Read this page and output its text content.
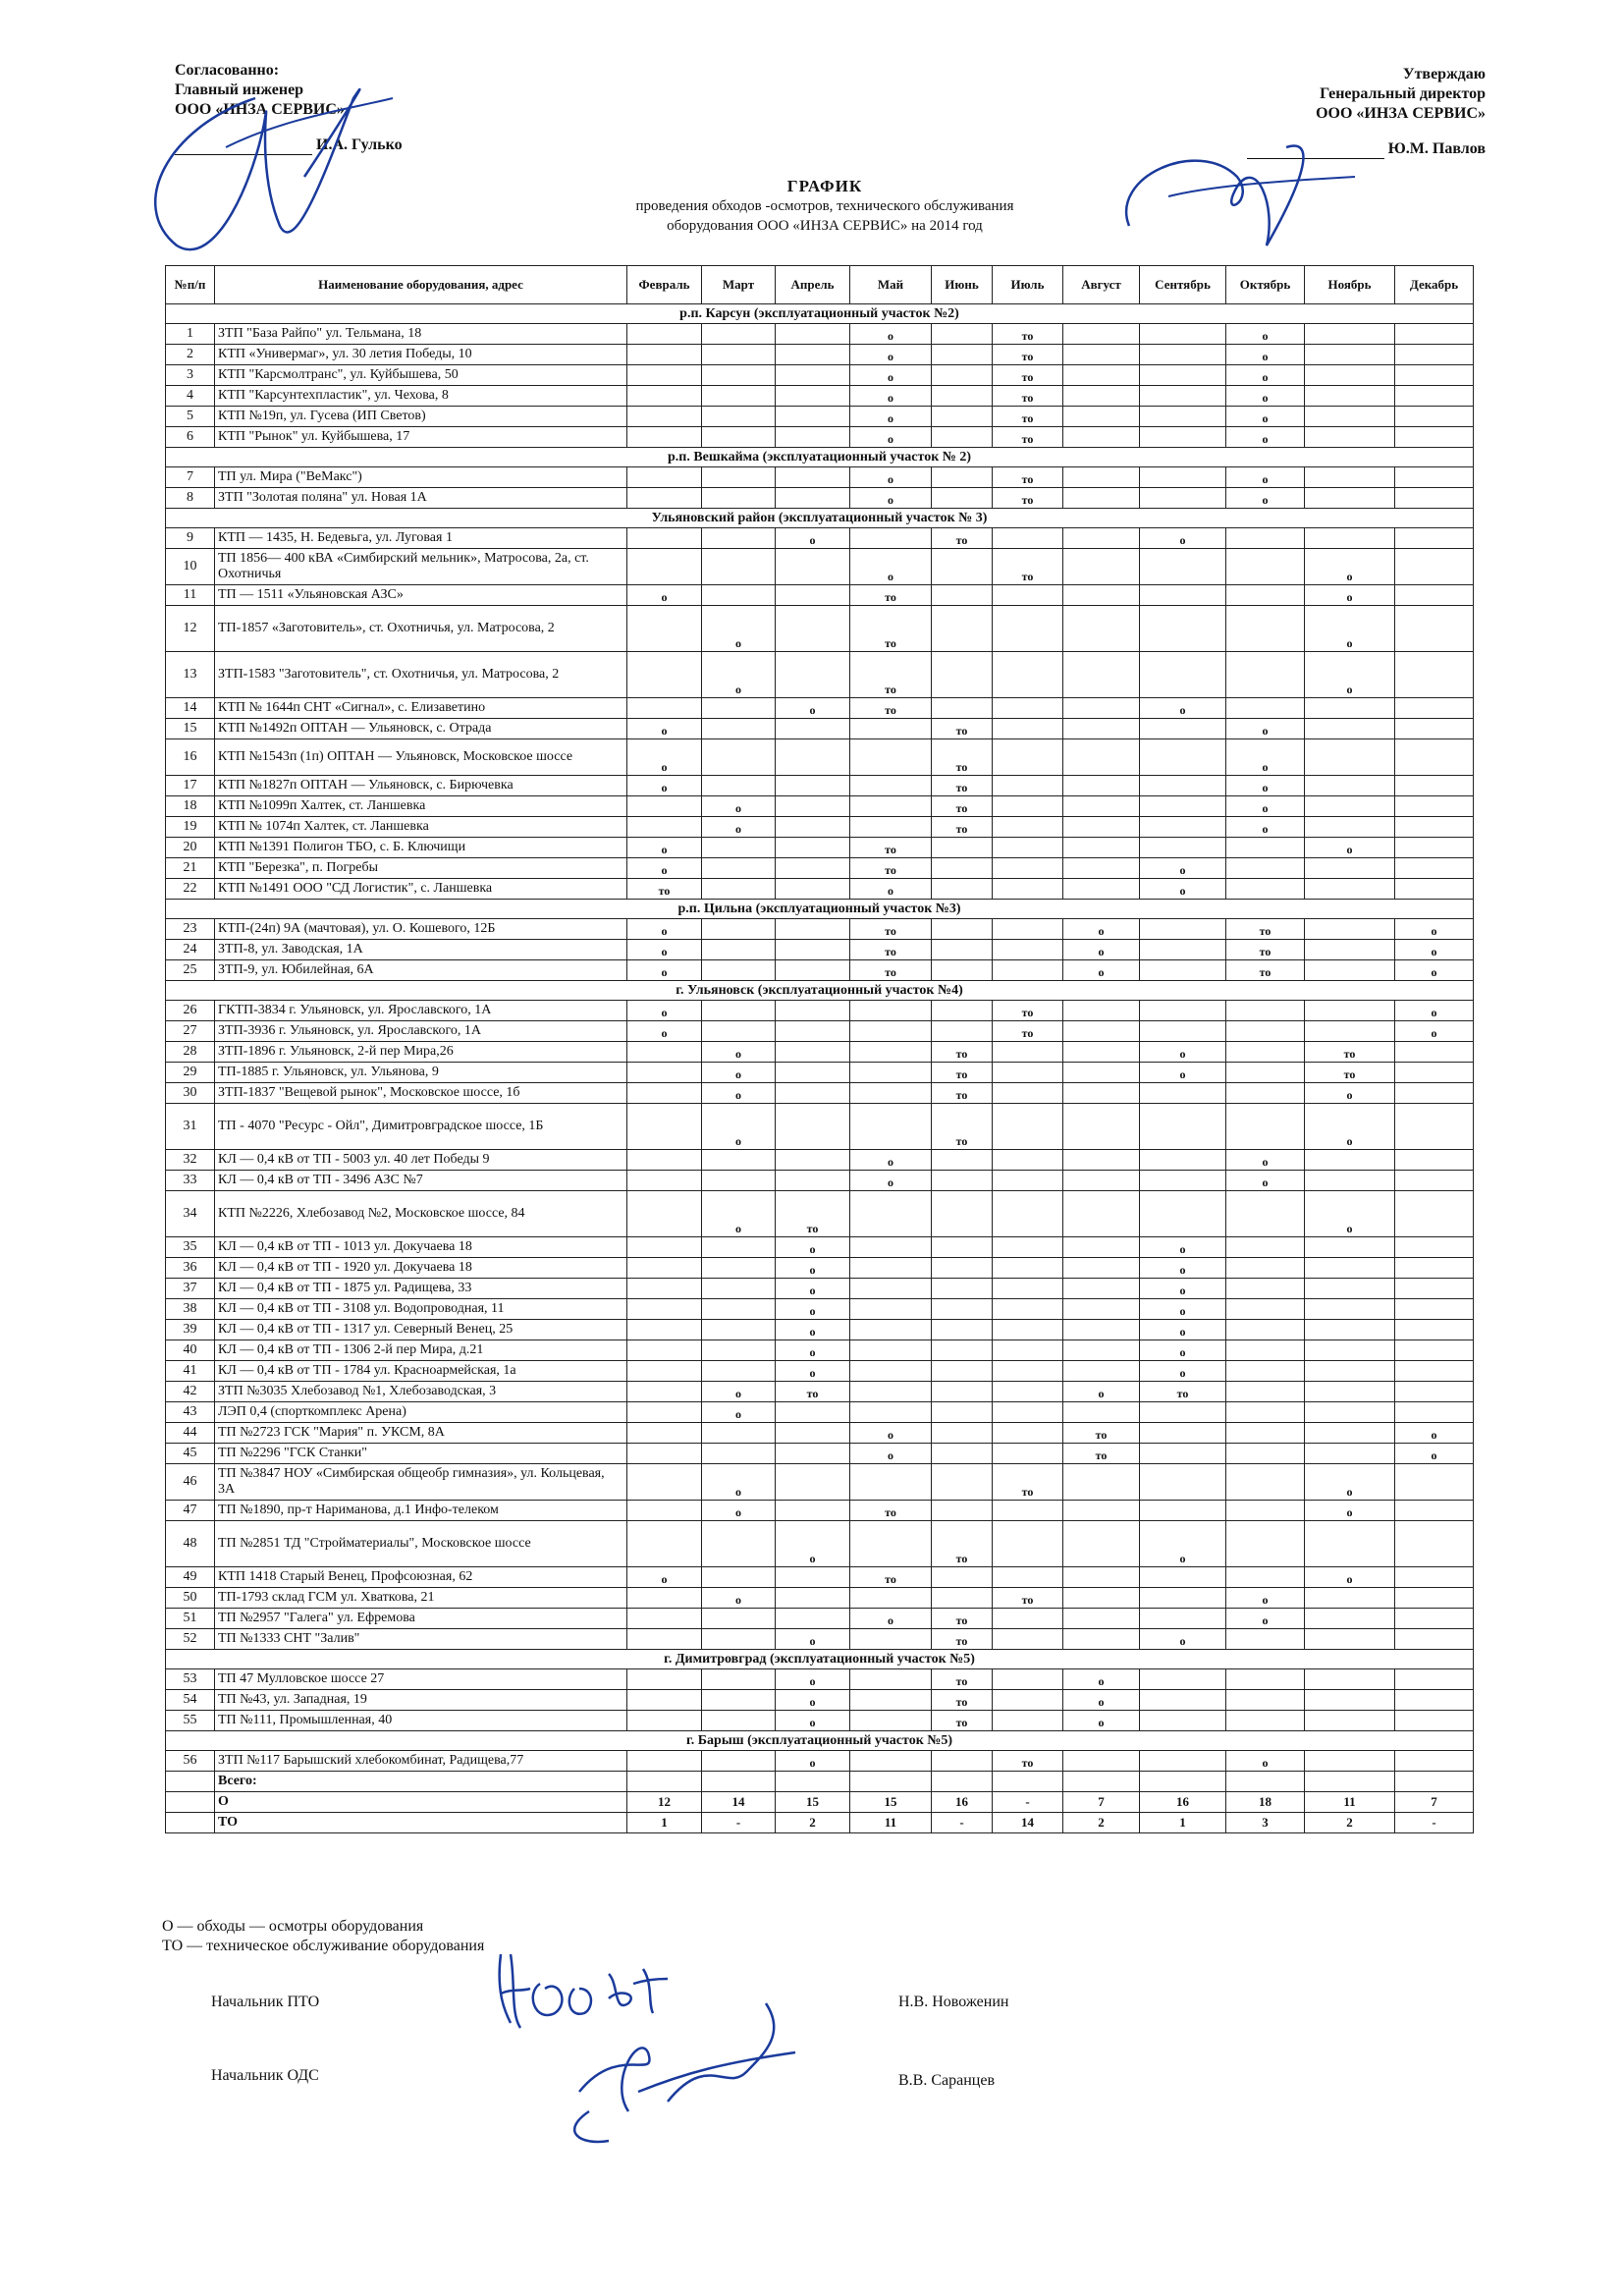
Согласованно:
Главный инженер
ООО «ИНЗА СЕРВИС»
И.А. Гулько
Утверждаю
Генеральный директор
ООО «ИНЗА СЕРВИС»
Ю.М. Павлов
ГРАФИК
проведения обходов -осмотров, технического обслуживания
оборудования ООО «ИНЗА СЕРВИС» на 2014 год
№п/п	Наименование оборудования, адрес	Февраль	Март	Апрель	Май	Июнь	Июль	Август	Сентябрь	Октябрь	Ноябрь	Декабрь
р.п. Карсун (эксплуатационный участок №2)												
1	ЗТП "База Райпо" ул. Тельмана, 18				о		то			о		
2	КТП «Универмаг», ул. 30 летия Победы, 10				о		то			о		
3	КТП "Карсмолтранс", ул. Куйбышева, 50				о		то			о		
4	КТП "Карсунтехпластик", ул. Чехова, 8				о		то			о		
5	КТП №19п, ул. Гусева (ИП Светов)				о		то			о		
6	КТП "Рынок" ул. Куйбышева, 17				о		то			о		
р.п. Вешкайма (эксплуатационный участок № 2)												
7	ТП ул. Мира ("ВеМакс")				о		то			о		
8	ЗТП "Золотая поляна" ул. Новая 1А				о		то			о		
Ульяновский район (эксплуатационный участок № 3)												
9	КТП — 1435, Н. Бедевьга, ул. Луговая 1			о		то			о			
10	ТП 1856— 400 кВА «Симбирский мельник», Матросова, 2а, ст. Охотничья				о		то				о	
11	ТП — 1511 «Ульяновская АЗС»	о			то						о	
12	ТП-1857 «Заготовитель», ст. Охотничья, ул. Матросова, 2		о		то						о	
13	ЗТП-1583 "Заготовитель", ст. Охотничья, ул. Матросова, 2		о		то						о	
14	КТП № 1644п СНТ «Сигнал», с. Елизаветино			о	то				о			
15	КТП №1492п ОПТАН — Ульяновск, с. Отрада	о				то				о		
16	КТП №1543п (1п) ОПТАН — Ульяновск, Московское шоссе	о				то				о		
17	КТП №1827п ОПТАН — Ульяновск, с. Бирючевка	о				то				о		
18	КТП №1099п Халтек, ст. Ланшевка		о			то				о		
19	КТП № 1074п Халтек, ст. Ланшевка		о			то				о		
20	КТП №1391 Полигон ТБО, с. Б. Ключищи	о			то						о	
21	КТП "Березка", п. Погребы	о			то				о			
22	КТП №1491 ООО "СД Логистик", с. Ланшевка	то			о				о			
р.п. Цильна (эксплуатационный участок №3)												
23	КТП-(24п) 9А (мачтовая), ул. О. Кошевого, 12Б	о			то			о		то		о
24	ЗТП-8, ул. Заводская, 1А	о			то			о		то		о
25	ЗТП-9, ул. Юбилейная, 6А	о			то			о		то		о
г. Ульяновск (эксплуатационный участок №4)												
26	ГКТП-3834 г. Ульяновск, ул. Ярославского, 1А	о					то					о
27	ЗТП-3936 г. Ульяновск, ул. Ярославского, 1А	о					то					о
28	ЗТП-1896 г. Ульяновск, 2-й пер Мира,26		о			то			о		то	
29	ТП-1885 г. Ульяновск, ул. Ульянова, 9		о			то			о		то	
30	ЗТП-1837 "Вещевой рынок", Московское шоссе, 1б		о			то					о	
31	ТП - 4070 "Ресурс - Ойл", Димитровградское шоссе, 1Б		о			то					о	
32	КЛ — 0,4 кВ от ТП - 5003 ул. 40 лет Победы 9				о					о		
33	КЛ — 0,4 кВ от ТП - 3496 АЗС №7				о					о		
34	КТП №2226, Хлебозавод №2, Московское шоссе, 84		о	то							о	
35	КЛ — 0,4 кВ от ТП - 1013 ул. Докучаева 18			о					о			
36	КЛ — 0,4 кВ от ТП - 1920 ул. Докучаева 18			о					о			
37	КЛ — 0,4 кВ от ТП - 1875 ул. Радищева, 33			о					о			
38	КЛ — 0,4 кВ от ТП - 3108 ул. Водопроводная, 11			о					о			
39	КЛ — 0,4 кВ от ТП - 1317 ул. Северный Венец, 25			о					о			
40	КЛ — 0,4 кВ от ТП - 1306 2-й пер Мира, д.21			о					о			
41	КЛ — 0,4 кВ от ТП - 1784 ул. Красноармейская, 1а			о					о			
42	ЗТП №3035 Хлебозавод №1, Хлебозаводская, 3		о	то				о	то			
43	ЛЭП 0,4 (спорткомплекс Арена)		о									
44	ТП №2723 ГСК "Мария" п. УКСМ, 8А				о			то				о
45	ТП №2296 "ГСК Станки"				о			то				о
46	ТП №3847 НОУ «Симбирская общеобр гимназия», ул. Кольцевая, 3А		о				то				о	
47	ТП №1890, пр-т Нариманова, д.1 Инфо-телеком		о		то						о	
48	ТП №2851 ТД "Стройматериалы", Московское шоссе			о		то			о			
49	КТП 1418 Старый Венец, Профсоюзная, 62	о			то						о	
50	ТП-1793 склад ГСМ ул. Хваткова, 21		о				то			о		
51	ТП №2957 "Галега" ул. Ефремова				о	то				о		
52	ТП №1333 СНТ "Залив"			о		то			о			
г. Димитровград (эксплуатационный участок №5)												
53	ТП 47 Мулловское шоссе 27			о		то		о				
54	ТП №43, ул. Западная, 19			о		то		о				
55	ТП №111, Промышленная, 40			о		то		о				
г. Барыш (эксплуатационный участок №5)												
56	ЗТП №117 Барышский хлебокомбинат, Радищева,77			о			то			о		
	Всего:											
	О	12	14	15	15	16	-	7	16	18	11	7
	ТО	1	-	2	11	-	14	2	1	3	2	-
О — обходы — осмотры оборудования
ТО — техническое обслуживание оборудования
Начальник ПТО	Н.В. Новоженин
Начальник ОДС	В.В. Саранцев
